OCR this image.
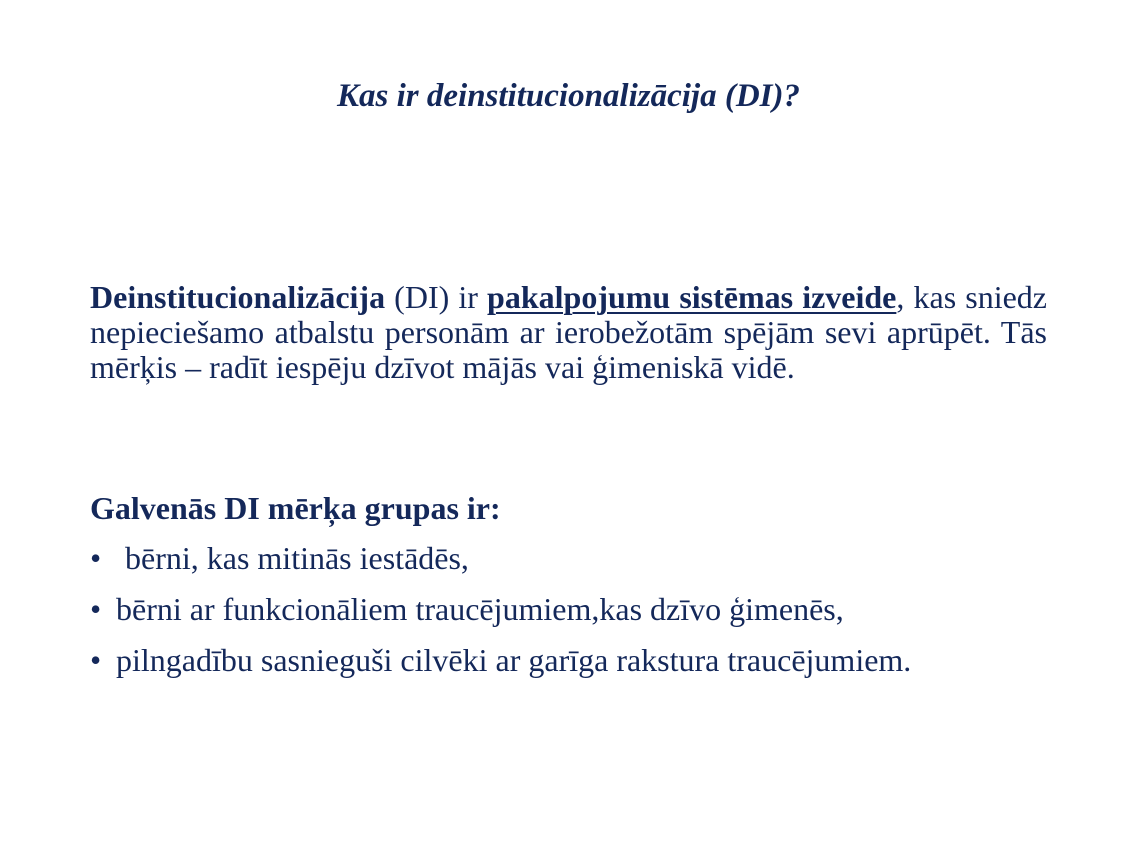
Kas ir deinstitucionalizācija (DI)?
Deinstitucionalizācija (DI) ir pakalpojumu sistēmas izveide, kas sniedz nepieciešamo atbalstu personām ar ierobežotām spējām sevi aprūpēt. Tās mērķis – radīt iespēju dzīvot mājās vai ģimeniskā vidē.
Galvenās DI mērķa grupas ir:
• bērni, kas mitinās iestādēs,
• bērni ar funkcionāliem traucējumiem,kas dzīvo ģimenēs,
• pilngadību sasnieguši cilvēki ar garīga rakstura traucējumiem.
